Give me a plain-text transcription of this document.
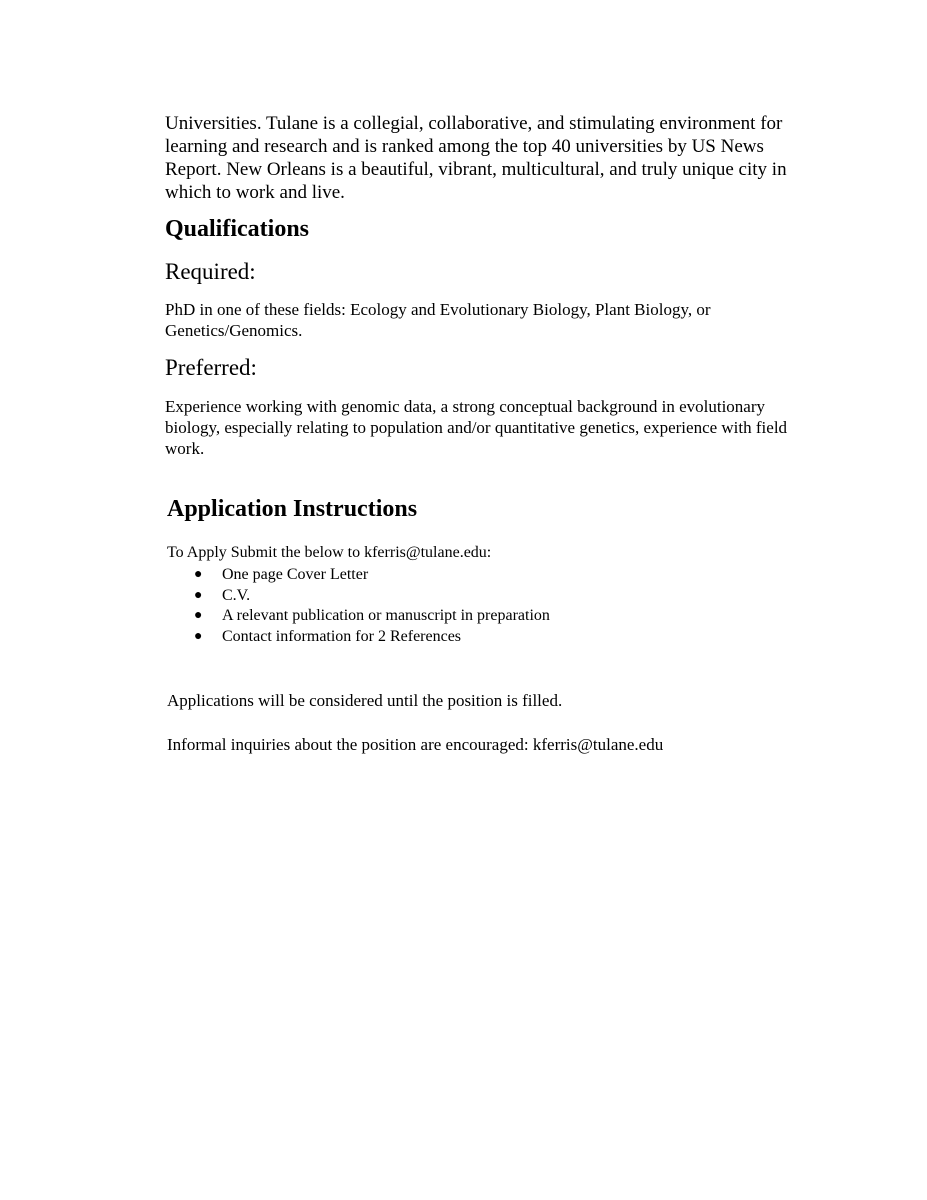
Universities. Tulane is a collegial, collaborative, and stimulating environment for learning and research and is ranked among the top 40 universities by US News Report. New Orleans is a beautiful, vibrant, multicultural, and truly unique city in which to work and live.

Qualifications
Required:

PhD in one of these fields: Ecology and Evolutionary Biology, Plant Biology, or Genetics/Genomics.

Preferred:

Experience working with genomic data, a strong conceptual background in evolutionary biology, especially relating to population and/or quantitative genetics, experience with field work.

Application Instructions

To Apply Submit the below to kferris@tulane.edu:

● One page Cover Letter
● C.V.
● A relevant publication or manuscript in preparation
● Contact information for 2 References

Applications will be considered until the position is filled.

Informal inquiries about the position are encouraged: kferris@tulane.edu
